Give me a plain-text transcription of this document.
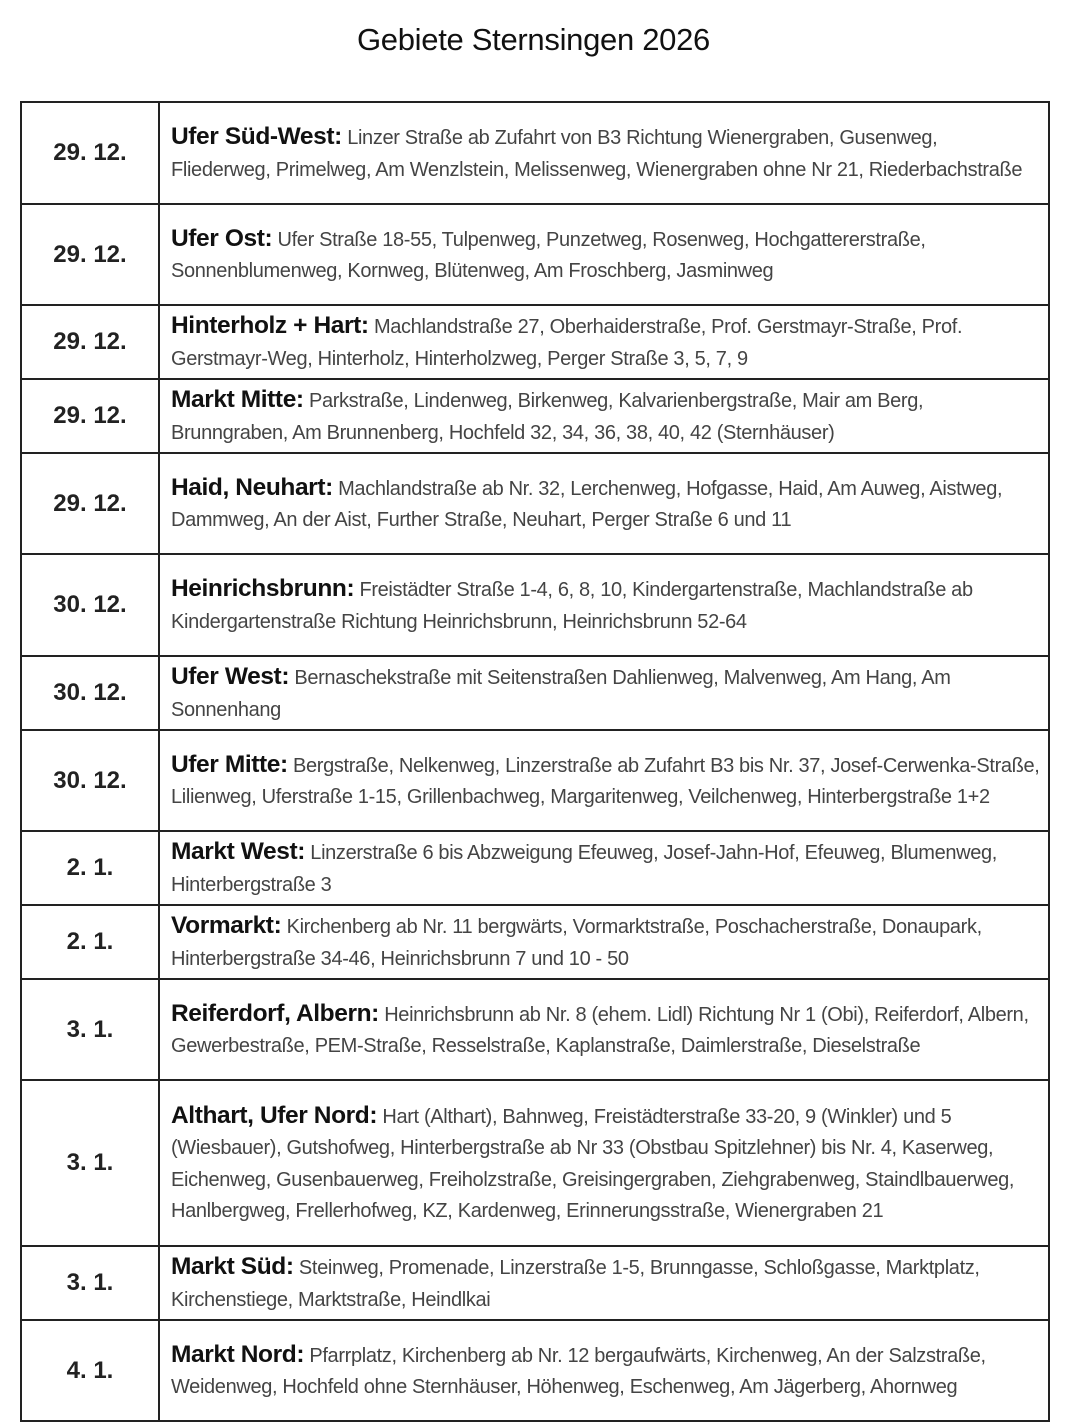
Gebiete Sternsingen 2026
29. 12.	Ufer Süd-West: Linzer Straße ab Zufahrt von B3 Richtung Wienergraben, Gusenweg, Fliederweg, Primelweg, Am Wenzlstein, Melissenweg, Wienergraben ohne Nr 21, Riederbachstraße
29. 12.	Ufer Ost: Ufer Straße 18-55, Tulpenweg, Punzetweg, Rosenweg, Hochgattererstraße, Sonnenblumenweg, Kornweg, Blütenweg, Am Froschberg, Jasminweg
29. 12.	Hinterholz + Hart: Machlandstraße 27, Oberhaiderstraße, Prof. Gerstmayr-Straße, Prof. Gerstmayr-Weg, Hinterholz, Hinterholzweg, Perger Straße 3, 5, 7, 9
29. 12.	Markt Mitte: Parkstraße, Lindenweg, Birkenweg, Kalvarienbergstraße, Mair am Berg, Brunngraben, Am Brunnenberg, Hochfeld 32, 34, 36, 38, 40, 42 (Sternhäuser)
29. 12.	Haid, Neuhart: Machlandstraße ab Nr. 32, Lerchenweg, Hofgasse, Haid, Am Auweg, Aistweg, Dammweg, An der Aist, Further Straße, Neuhart, Perger Straße 6 und 11
30. 12.	Heinrichsbrunn: Freistädter Straße 1-4, 6, 8, 10, Kindergartenstraße, Machlandstraße ab Kindergartenstraße Richtung Heinrichsbrunn, Heinrichsbrunn 52-64
30. 12.	Ufer West: Bernaschekstraße mit Seitenstraßen Dahlienweg, Malvenweg, Am Hang, Am Sonnenhang
30. 12.	Ufer Mitte: Bergstraße, Nelkenweg, Linzerstraße ab Zufahrt B3 bis Nr. 37, Josef-Cerwenka-Straße, Lilienweg, Uferstraße 1-15, Grillenbachweg, Margaritenweg, Veilchenweg, Hinterbergstraße 1+2
2. 1.	Markt West: Linzerstraße 6 bis Abzweigung Efeuweg, Josef-Jahn-Hof, Efeuweg, Blumenweg, Hinterbergstraße 3
2. 1.	Vormarkt: Kirchenberg ab Nr. 11 bergwärts, Vormarktstraße, Poschacherstraße, Donaupark, Hinterbergstraße 34-46, Heinrichsbrunn 7 und 10 - 50
3. 1.	Reiferdorf, Albern: Heinrichsbrunn ab Nr. 8 (ehem. Lidl) Richtung Nr 1 (Obi), Reiferdorf, Albern, Gewerbestraße, PEM-Straße, Resselstraße, Kaplanstraße, Daimlerstraße, Dieselstraße
3. 1.	Althart, Ufer Nord: Hart (Althart), Bahnweg, Freistädterstraße 33-20, 9 (Winkler) und 5 (Wiesbauer), Gutshofweg, Hinterbergstraße ab Nr 33 (Obstbau Spitzlehner) bis Nr. 4, Kaserweg, Eichenweg, Gusenbauerweg, Freiholzstraße, Greisingergraben, Ziehgrabenweg, Staindlbauerweg, Hanlbergweg, Frellerhofweg, KZ, Kardenweg, Erinnerungsstraße, Wienergraben 21
3. 1.	Markt Süd: Steinweg, Promenade, Linzerstraße 1-5, Brunngasse, Schloßgasse, Marktplatz, Kirchenstiege, Marktstraße, Heindlkai
4. 1.	Markt Nord: Pfarrplatz, Kirchenberg ab Nr. 12 bergaufwärts, Kirchenweg, An der Salzstraße, Weidenweg, Hochfeld ohne Sternhäuser, Höhenweg, Eschenweg, Am Jägerberg, Ahornweg
